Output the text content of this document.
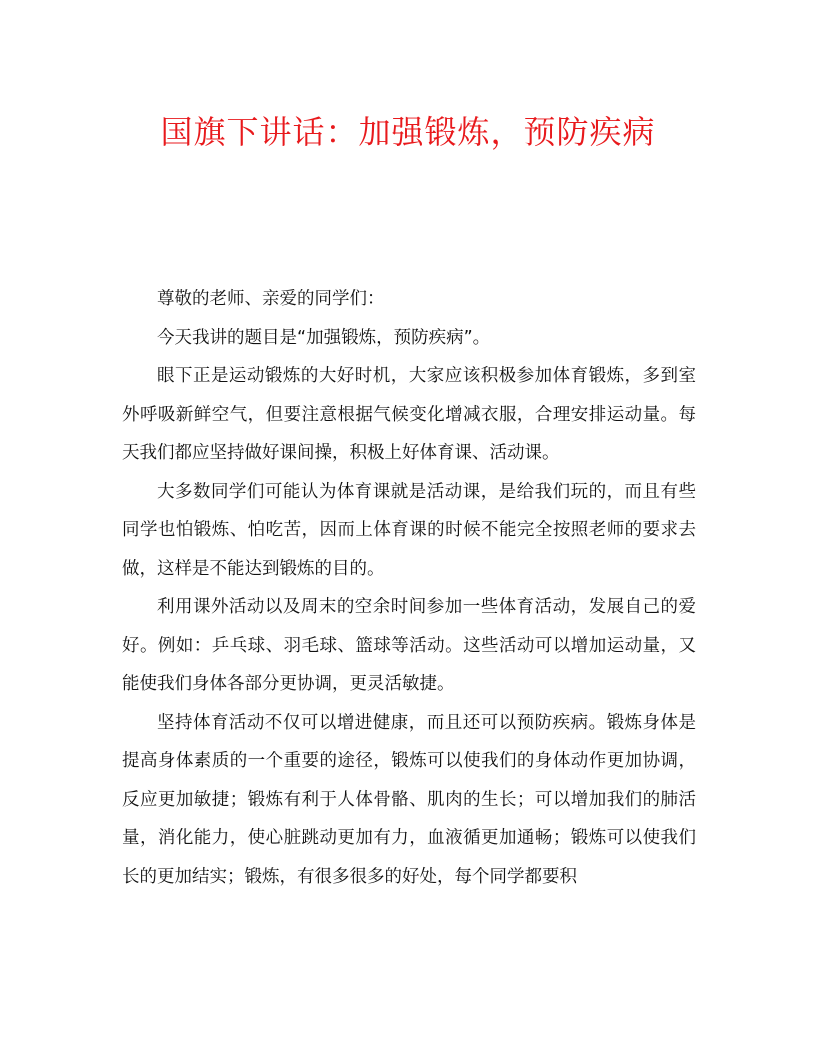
国旗下讲话：加强锻炼，预防疾病

尊敬的老师、亲爱的同学们：

今天我讲的题目是“加强锻炼，预防疾病”。

眼下正是运动锻炼的大好时机，大家应该积极参加体育锻炼，多到室外呼吸新鲜空气，但要注意根据气候变化增减衣服，合理安排运动量。每天我们都应坚持做好课间操，积极上好体育课、活动课。

大多数同学们可能认为体育课就是活动课，是给我们玩的，而且有些同学也怕锻炼、怕吃苦，因而上体育课的时候不能完全按照老师的要求去做，这样是不能达到锻炼的目的。

利用课外活动以及周末的空余时间参加一些体育活动，发展自己的爱好。例如：乒乓球、羽毛球、篮球等活动。这些活动可以增加运动量，又能使我们身体各部分更协调，更灵活敏捷。

坚持体育活动不仅可以增进健康，而且还可以预防疾病。锻炼身体是提高身体素质的一个重要的途径，锻炼可以使我们的身体动作更加协调，反应更加敏捷；锻炼有利于人体骨骼、肌肉的生长；可以增加我们的肺活量，消化能力，使心脏跳动更加有力，血液循更加通畅；锻炼可以使我们长的更加结实；锻炼，有很多很多的好处，每个同学都要积
